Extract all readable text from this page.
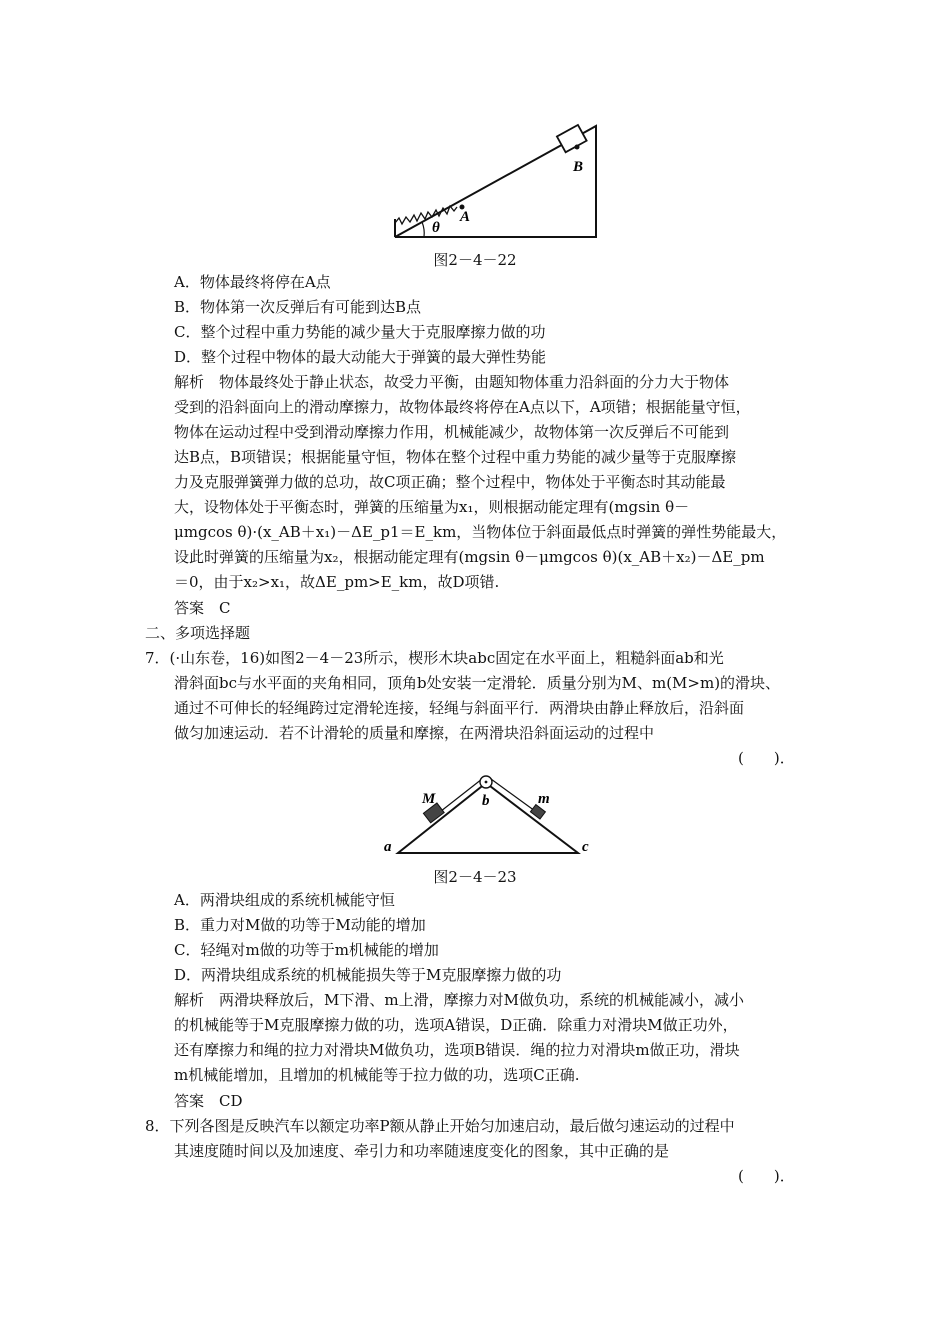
A
θ
B
图2－4－22
A．物体最终将停在A点
B．物体第一次反弹后有可能到达B点
C．整个过程中重力势能的减少量大于克服摩擦力做的功
D．整个过程中物体的最大动能大于弹簧的最大弹性势能
解析　物体最终处于静止状态，故受力平衡，由题知物体重力沿斜面的分力大于物体
受到的沿斜面向上的滑动摩擦力，故物体最终将停在A点以下，A项错；根据能量守恒，
物体在运动过程中受到滑动摩擦力作用，机械能减少，故物体第一次反弹后不可能到
达B点，B项错误；根据能量守恒，物体在整个过程中重力势能的减少量等于克服摩擦
力及克服弹簧弹力做的总功，故C项正确；整个过程中，物体处于平衡态时其动能最
大，设物体处于平衡态时，弹簧的压缩量为x₁，则根据动能定理有(mgsin θ－
μmgcos θ)·(x_AB＋x₁)－ΔE_p1＝E_km，当物体位于斜面最低点时弹簧的弹性势能最大，
设此时弹簧的压缩量为x₂，根据动能定理有(mgsin θ－μmgcos θ)(x_AB＋x₂)－ΔE_pm
＝0，由于x₂>x₁，故ΔE_pm>E_km，故D项错.
答案　C
二、多项选择题
7．(·山东卷，16)如图2－4－23所示，楔形木块abc固定在水平面上，粗糙斜面ab和光
滑斜面bc与水平面的夹角相同，顶角b处安装一定滑轮．质量分别为M、m(M>m)的滑块、
通过不可伸长的轻绳跨过定滑轮连接，轻绳与斜面平行．两滑块由静止释放后，沿斜面
做匀加速运动．若不计滑轮的质量和摩擦，在两滑块沿斜面运动的过程中
(　　)．
M	b	m
a	c
图2－4－23
A．两滑块组成的系统机械能守恒
B．重力对M做的功等于M动能的增加
C．轻绳对m做的功等于m机械能的增加
D．两滑块组成系统的机械能损失等于M克服摩擦力做的功
解析　两滑块释放后，M下滑、m上滑，摩擦力对M做负功，系统的机械能减小，减小
的机械能等于M克服摩擦力做的功，选项A错误，D正确．除重力对滑块M做正功外，
还有摩擦力和绳的拉力对滑块M做负功，选项B错误．绳的拉力对滑块m做正功，滑块
m机械能增加，且增加的机械能等于拉力做的功，选项C正确.
答案　CD
8．下列各图是反映汽车以额定功率P额从静止开始匀加速启动，最后做匀速运动的过程中
其速度随时间以及加速度、牵引力和功率随速度变化的图象，其中正确的是
(　　)．
